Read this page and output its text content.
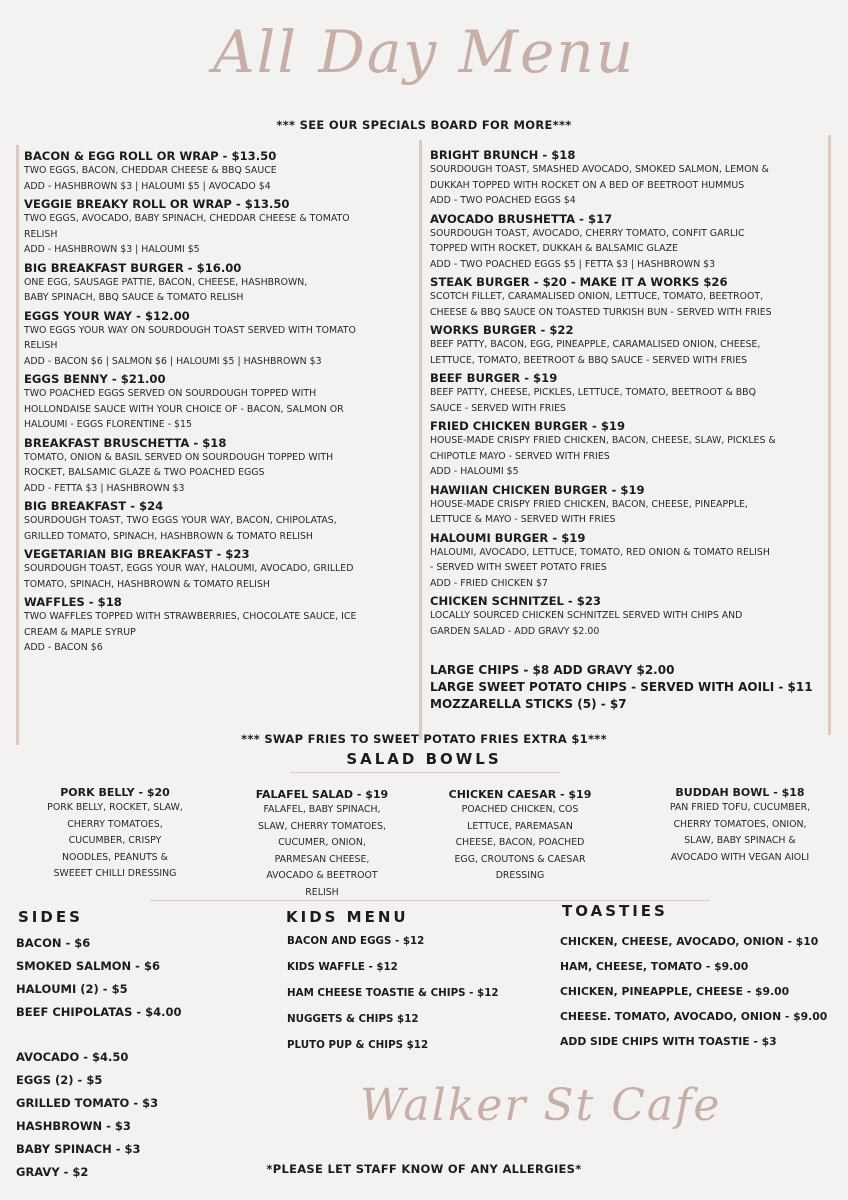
All Day Menu
*** SEE OUR SPECIALS BOARD FOR MORE***
BACON & EGG ROLL OR WRAP - $13.50
TWO EGGS, BACON, CHEDDAR CHEESE & BBQ SAUCE
ADD - HASHBROWN $3 | HALOUMI $5 | AVOCADO $4
VEGGIE BREAKY ROLL OR WRAP - $13.50
TWO EGGS, AVOCADO, BABY SPINACH, CHEDDAR CHEESE & TOMATO
RELISH
ADD - HASHBROWN $3 | HALOUMI $5
BIG BREAKFAST BURGER - $16.00
ONE EGG, SAUSAGE PATTIE, BACON, CHEESE, HASHBROWN,
BABY SPINACH, BBQ SAUCE & TOMATO RELISH
EGGS YOUR WAY - $12.00
TWO EGGS YOUR WAY ON SOURDOUGH TOAST SERVED WITH TOMATO
RELISH
ADD - BACON $6 | SALMON $6 | HALOUMI $5 | HASHBROWN $3
EGGS BENNY - $21.00
TWO POACHED EGGS SERVED ON SOURDOUGH TOPPED WITH
HOLLONDAISE SAUCE WITH YOUR CHOICE OF - BACON, SALMON OR
HALOUMI - EGGS FLORENTINE - $15
BREAKFAST BRUSCHETTA - $18
TOMATO, ONION & BASIL SERVED ON SOURDOUGH TOPPED WITH
ROCKET, BALSAMIC GLAZE & TWO POACHED EGGS
ADD - FETTA $3 | HASHBROWN $3
BIG BREAKFAST - $24
SOURDOUGH TOAST, TWO EGGS YOUR WAY, BACON, CHIPOLATAS,
GRILLED TOMATO, SPINACH, HASHBROWN & TOMATO RELISH
VEGETARIAN BIG BREAKFAST - $23
SOURDOUGH TOAST, EGGS YOUR WAY, HALOUMI, AVOCADO, GRILLED
TOMATO, SPINACH, HASHBROWN & TOMATO RELISH
WAFFLES - $18
TWO WAFFLES TOPPED WITH STRAWBERRIES, CHOCOLATE SAUCE, ICE
CREAM & MAPLE SYRUP
ADD - BACON $6
BRIGHT BRUNCH - $18
SOURDOUGH TOAST, SMASHED AVOCADO, SMOKED SALMON, LEMON &
DUKKAH TOPPED WITH ROCKET ON A BED OF BEETROOT HUMMUS
ADD - TWO POACHED EGGS $4
AVOCADO BRUSHETTA - $17
SOURDOUGH TOAST, AVOCADO, CHERRY TOMATO, CONFIT GARLIC
TOPPED WITH ROCKET, DUKKAH & BALSAMIC GLAZE
ADD - TWO POACHED EGGS $5 | FETTA $3 | HASHBROWN $3
STEAK BURGER - $20 - MAKE IT A WORKS $26
SCOTCH FILLET, CARAMALISED ONION, LETTUCE, TOMATO, BEETROOT,
CHEESE & BBQ SAUCE ON TOASTED TURKISH BUN - SERVED WITH FRIES
WORKS BURGER - $22
BEEF PATTY, BACON, EGG, PINEAPPLE, CARAMALISED ONION, CHEESE,
LETTUCE, TOMATO, BEETROOT & BBQ SAUCE - SERVED WITH FRIES
BEEF BURGER - $19
BEEF PATTY, CHEESE, PICKLES, LETTUCE, TOMATO, BEETROOT & BBQ
SAUCE - SERVED WITH FRIES
FRIED CHICKEN BURGER - $19
HOUSE-MADE CRISPY FRIED CHICKEN, BACON, CHEESE, SLAW, PICKLES &
CHIPOTLE MAYO - SERVED WITH FRIES
ADD - HALOUMI $5
HAWIIAN CHICKEN BURGER - $19
HOUSE-MADE CRISPY FRIED CHICKEN, BACON, CHEESE, PINEAPPLE,
LETTUCE & MAYO - SERVED WITH FRIES
HALOUMI BURGER - $19
HALOUMI, AVOCADO, LETTUCE, TOMATO, RED ONION & TOMATO RELISH
- SERVED WITH SWEET POTATO FRIES
ADD - FRIED CHICKEN $7
CHICKEN SCHNITZEL - $23
LOCALLY SOURCED CHICKEN SCHNITZEL SERVED WITH CHIPS AND
GARDEN SALAD - ADD GRAVY $2.00
LARGE CHIPS - $8 ADD GRAVY $2.00
LARGE SWEET POTATO CHIPS - SERVED WITH AOILI - $11
MOZZARELLA STICKS (5) - $7
*** SWAP FRIES TO SWEET POTATO FRIES EXTRA $1***
SALAD BOWLS
PORK BELLY - $20
PORK BELLY, ROCKET, SLAW,
CHERRY TOMATOES,
CUCUMBER, CRISPY
NOODLES, PEANUTS &
SWEEET CHILLI DRESSING
FALAFEL SALAD - $19
FALAFEL, BABY SPINACH,
SLAW, CHERRY TOMATOES,
CUCUMER, ONION,
PARMESAN CHEESE,
AVOCADO & BEETROOT
RELISH
CHICKEN CAESAR - $19
POACHED CHICKEN, COS
LETTUCE, PAREMASAN
CHEESE, BACON, POACHED
EGG, CROUTONS & CAESAR
DRESSING
BUDDAH BOWL - $18
PAN FRIED TOFU, CUCUMBER,
CHERRY TOMATOES, ONION,
SLAW, BABY SPINACH &
AVOCADO WITH VEGAN AIOLI
SIDES
BACON - $6
SMOKED SALMON - $6
HALOUMI (2) - $5
BEEF CHIPOLATAS - $4.00
AVOCADO - $4.50
EGGS (2) - $5
GRILLED TOMATO - $3
HASHBROWN - $3
BABY SPINACH - $3
GRAVY - $2
KIDS MENU
BACON AND EGGS - $12
KIDS WAFFLE - $12
HAM CHEESE TOASTIE & CHIPS - $12
NUGGETS & CHIPS $12
PLUTO PUP & CHIPS $12
TOASTIES
CHICKEN, CHEESE, AVOCADO, ONION - $10
HAM, CHEESE, TOMATO - $9.00
CHICKEN, PINEAPPLE, CHEESE - $9.00
CHEESE. TOMATO, AVOCADO, ONION - $9.00
ADD SIDE CHIPS WITH TOASTIE - $3
Walker St Cafe
*PLEASE LET STAFF KNOW OF ANY ALLERGIES*
